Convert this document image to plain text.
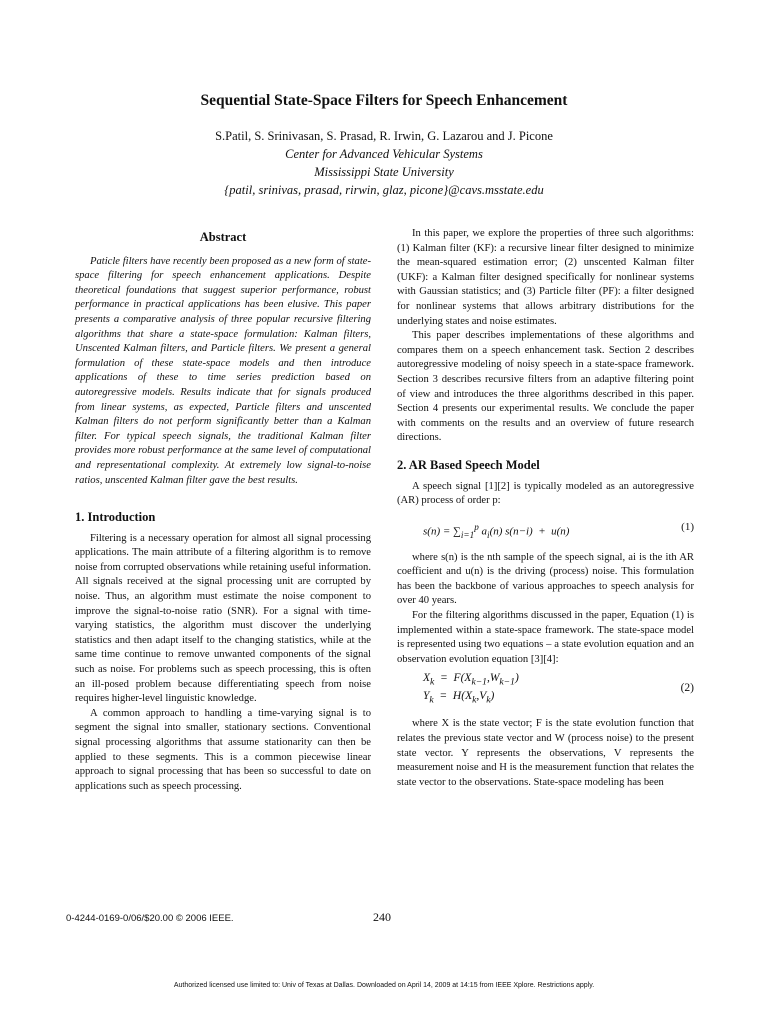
Sequential State-Space Filters for Speech Enhancement
S.Patil, S. Srinivasan, S. Prasad, R. Irwin, G. Lazarou and J. Picone
Center for Advanced Vehicular Systems
Mississippi State University
{patil, srinivas, prasad, rirwin, glaz, picone}@cavs.msstate.edu
Abstract

Paticle filters have recently been proposed as a new form of state-space filtering for speech enhancement applications. Despite theoretical foundations that suggest superior performance, robust performance in practical applications has been elusive. This paper presents a comparative analysis of three popular recursive filtering algorithms that share a state-space formulation: Kalman filters, Unscented Kalman filters, and Particle filters. We present a general formulation of these state-space models and then introduce applications of these to time series prediction based on autoregressive models. Results indicate that for signals produced from linear systems, as expected, Particle filters and unscented Kalman filters do not perform significantly better than a Kalman filter. For typical speech signals, the traditional Kalman filter provides more robust performance at the same level of computational and representational complexity. At extremely low signal-to-noise ratios, unscented Kalman filter gave the best results.

1. Introduction

Filtering is a necessary operation for almost all signal processing applications. The main attribute of a filtering algorithm is to remove noise from corrupted observations while retaining useful information. All signals received at the signal processing unit are corrupted by noise. Thus, an algorithm must estimate the noise component to improve the signal-to-noise ratio (SNR). For a signal with time-varying statistics, the algorithm must discover the underlying statistics and then adapt itself to the changing statistics, while at the same time continue to remove unwanted components of the signal such as noise. For problems such as speech processing, this is often an ill-posed problem because differentiating speech from noise requires higher-level linguistic knowledge.

A common approach to handling a time-varying signal is to segment the signal into smaller, stationary sections. Conventional signal processing algorithms that assume stationarity can then be applied to these segments. This is a common piecewise linear approach to signal processing that has been so successful to date on applications such as speech processing.

In this paper, we explore the properties of three such algorithms: (1) Kalman filter (KF): a recursive linear filter designed to minimize the mean-squared estimation error; (2) unscented Kalman filter (UKF): a Kalman filter designed specifically for nonlinear systems with Gaussian statistics; and (3) Particle filter (PF): a filter designed for nonlinear systems that allows arbitrary distributions for the underlying states and noise estimates.

This paper describes implementations of these algorithms and compares them on a speech enhancement task. Section 2 describes autoregressive modeling of noisy speech in a state-space framework. Section 3 describes recursive filters from an adaptive filtering point of view and introduces the three algorithms described in this paper. Section 4 presents our experimental results. We conclude the paper with comments on the results and an overview of future research directions.

2. AR Based Speech Model

A speech signal [1][2] is typically modeled as an autoregressive (AR) process of order p:

$s(n) = \sum_{i=1}^p$ $a_i(n) s(n-i) + u(n)$	(1)

where s(n) is the nth sample of the speech signal, ai is the ith AR coefficient and u(n) is the driving (process) noise. This formulation has been the backbone of various approaches to speech analysis for over 40 years.

For the filtering algorithms discussed in the paper, Equation (1) is implemented within a state-space framework. The state-space model is represented using two equations – a state evolution equation and an observation evolution equation [3][4]:

$X_k = F(X_{k-1},W_{k-1})$
$Y_k = H(X_k,V_k)$
(2)

where X is the state vector; F is the state evolution function that relates the previous state vector and W (process noise) to the present state vector. Y represents the observations, V represents the measurement noise and H is the measurement function that relates the state vector to the observations. State-space modeling has been

0-4244-0169-0/06/$20.00 © 2006 IEEE.	240
Authorized licensed use limited to: Univ of Texas at Dallas. Downloaded on April 14, 2009 at 14:15 from IEEE Xplore. Restrictions apply.
